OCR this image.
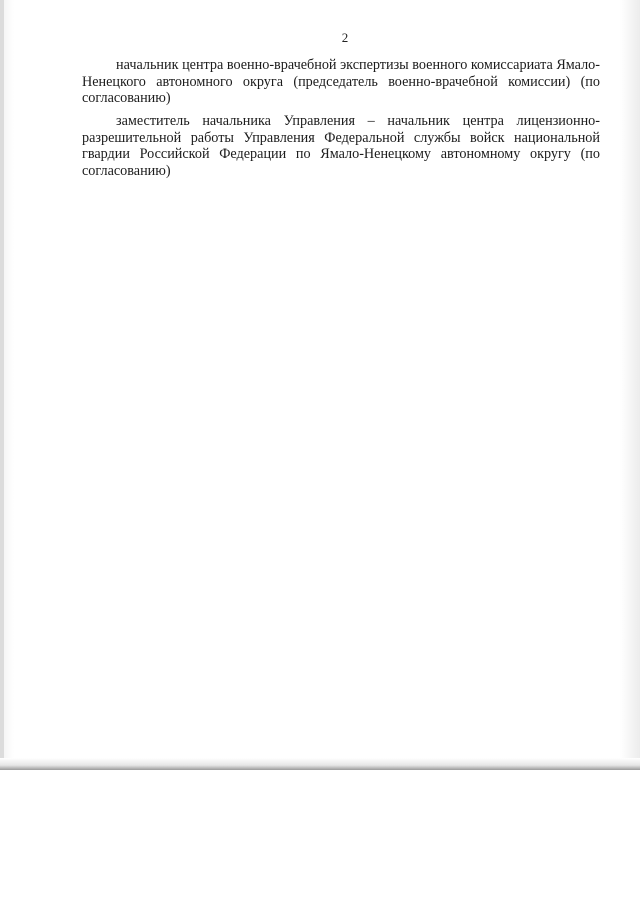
2

начальник центра военно-врачебной экспертизы военного комиссариата Ямало-Ненецкого автономного округа (председатель военно-врачебной комиссии) (по согласованию)

заместитель начальника Управления – начальник центра лицензионно-разрешительной работы Управления Федеральной службы войск национальной гвардии Российской Федерации по Ямало-Ненецкому автономному округу (по согласованию)
